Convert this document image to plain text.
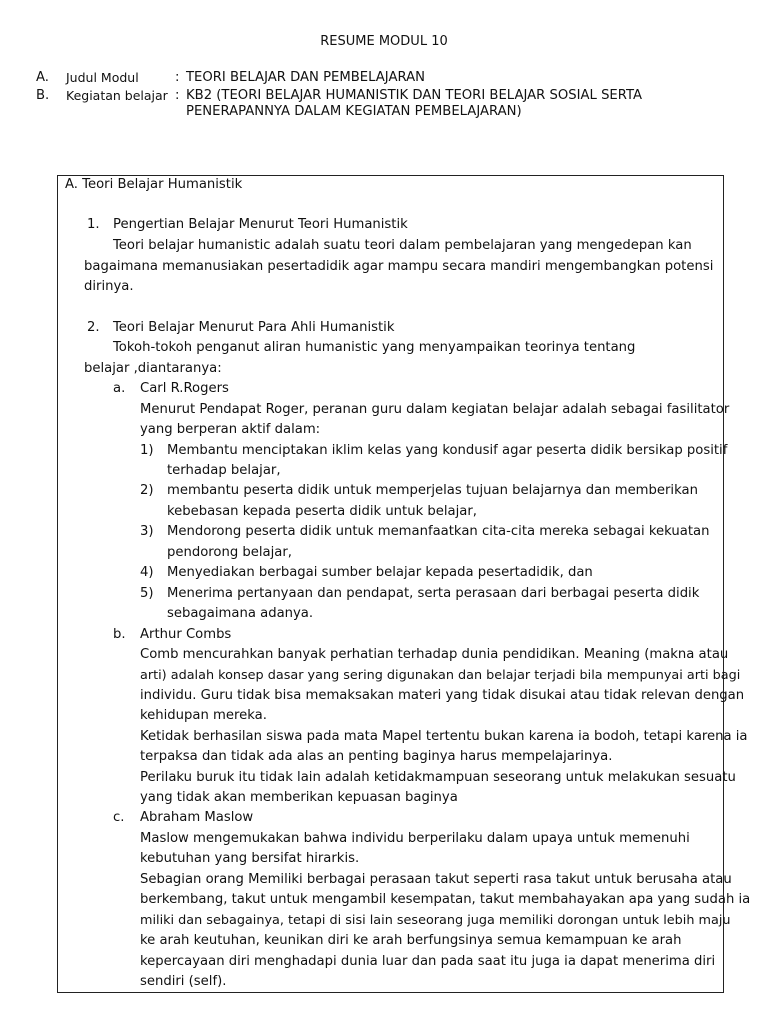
RESUME MODUL 10
A. Judul Modul	: TEORI BELAJAR DAN PEMBELAJARAN
B. Kegiatan belajar : KB2 (TEORI BELAJAR HUMANISTIK DAN TEORI BELAJAR SOSIAL SERTA
PENERAPANNYA DALAM KEGIATAN PEMBELAJARAN)
A. Teori Belajar Humanistik
1. Pengertian Belajar Menurut Teori Humanistik
Teori belajar humanistic adalah suatu teori dalam pembelajaran yang mengedepan kan
bagaimana memanusiakan pesertadidik agar mampu secara mandiri mengembangkan potensi
dirinya.
2. Teori Belajar Menurut Para Ahli Humanistik
Tokoh-tokoh penganut aliran humanistic yang menyampaikan teorinya tentang
belajar ,diantaranya:
a. Carl R.Rogers
Menurut Pendapat Roger, peranan guru dalam kegiatan belajar adalah sebagai fasilitator
yang berperan aktif dalam:
1) Membantu menciptakan iklim kelas yang kondusif agar peserta didik bersikap positif
terhadap belajar,
2) membantu peserta didik untuk memperjelas tujuan belajarnya dan memberikan
kebebasan kepada peserta didik untuk belajar,
3) Mendorong peserta didik untuk memanfaatkan cita-cita mereka sebagai kekuatan
pendorong belajar,
4) Menyediakan berbagai sumber belajar kepada pesertadidik, dan
5) Menerima pertanyaan dan pendapat, serta perasaan dari berbagai peserta didik
sebagaimana adanya.
b. Arthur Combs
Comb mencurahkan banyak perhatian terhadap dunia pendidikan. Meaning (makna atau
arti) adalah konsep dasar yang sering digunakan dan belajar terjadi bila mempunyai arti bagi
individu. Guru tidak bisa memaksakan materi yang tidak disukai atau tidak relevan dengan
kehidupan mereka.
Ketidak berhasilan siswa pada mata Mapel tertentu bukan karena ia bodoh, tetapi karena ia
terpaksa dan tidak ada alas an penting baginya harus mempelajarinya.
Perilaku buruk itu tidak lain adalah ketidakmampuan seseorang untuk melakukan sesuatu
yang tidak akan memberikan kepuasan baginya
c. Abraham Maslow
Maslow mengemukakan bahwa individu berperilaku dalam upaya untuk memenuhi
kebutuhan yang bersifat hirarkis.
Sebagian orang Memiliki berbagai perasaan takut seperti rasa takut untuk berusaha atau
berkembang, takut untuk mengambil kesempatan, takut membahayakan apa yang sudah ia
miliki dan sebagainya, tetapi di sisi lain seseorang juga memiliki dorongan untuk lebih maju
ke arah keutuhan, keunikan diri ke arah berfungsinya semua kemampuan ke arah
kepercayaan diri menghadapi dunia luar dan pada saat itu juga ia dapat menerima diri
sendiri (self).
